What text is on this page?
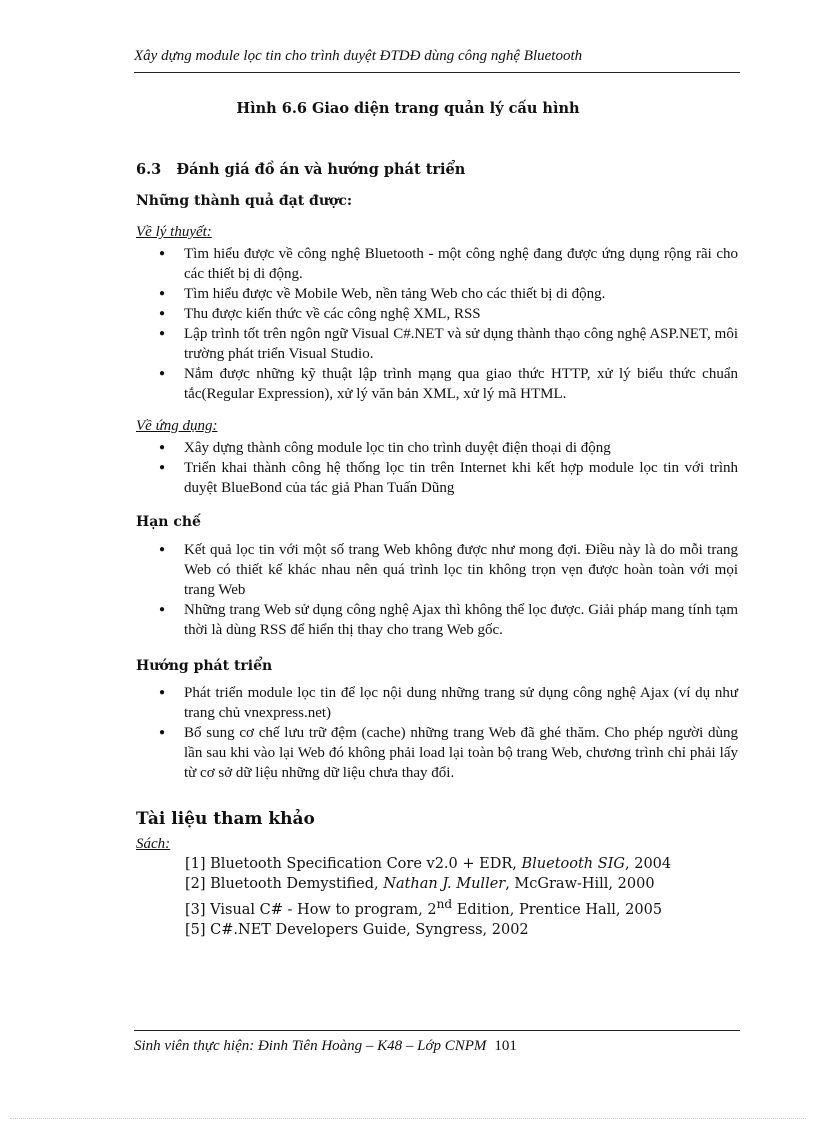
Xây dựng module lọc tin cho trình duyệt ĐTDĐ dùng công nghệ Bluetooth
Hình 6.6 Giao diện trang quản lý cấu hình

6.3 Đánh giá đồ án và hướng phát triển

Những thành quả đạt được:

Về lý thuyết:

● Tìm hiểu được về công nghệ Bluetooth - một công nghệ đang được ứng dụng rộng rãi cho các thiết bị di động.
● Tìm hiểu được về Mobile Web, nền tảng Web cho các thiết bị di động.
● Thu được kiến thức về các công nghệ XML, RSS
● Lập trình tốt trên ngôn ngữ Visual C#.NET và sử dụng thành thạo công nghệ ASP.NET, môi trường phát triển Visual Studio.
● Nắm được những kỹ thuật lập trình mạng qua giao thức HTTP, xử lý biểu thức chuẩn tắc(Regular Expression), xử lý văn bản XML, xử lý mã HTML.

Về ứng dụng:

● Xây dựng thành công module lọc tin cho trình duyệt điện thoại di động
● Triển khai thành công hệ thống lọc tin trên Internet khi kết hợp module lọc tin với trình duyệt BlueBond của tác giả Phan Tuấn Dũng

Hạn chế

● Kết quả lọc tin với một số trang Web không được như mong đợi. Điều này là do mỗi trang Web có thiết kế khác nhau nên quá trình lọc tin không trọn vẹn được hoàn toàn với mọi trang Web
● Những trang Web sử dụng công nghệ Ajax thì không thể lọc được. Giải pháp mang tính tạm thời là dùng RSS để hiển thị thay cho trang Web gốc.

Hướng phát triển

● Phát triển module lọc tin để lọc nội dung những trang sử dụng công nghệ Ajax (ví dụ như trang chủ vnexpress.net)
● Bổ sung cơ chế lưu trữ đệm (cache) những trang Web đã ghé thăm. Cho phép người dùng lần sau khi vào lại Web đó không phải load lại toàn bộ trang Web, chương trình chỉ phải lấy từ cơ sở dữ liệu những dữ liệu chưa thay đổi.

Tài liệu tham khảo

Sách:

[1] Bluetooth Specification Core v2.0 + EDR, Bluetooth SIG, 2004
[2] Bluetooth Demystified, Nathan J. Muller, McGraw-Hill, 2000
[3] Visual C# - How to program, 2nd Edition, Prentice Hall, 2005
[5] C#.NET Developers Guide, Syngress, 2002
Sinh viên thực hiện: Đinh Tiên Hoàng – K48 – Lớp CNPM 101
